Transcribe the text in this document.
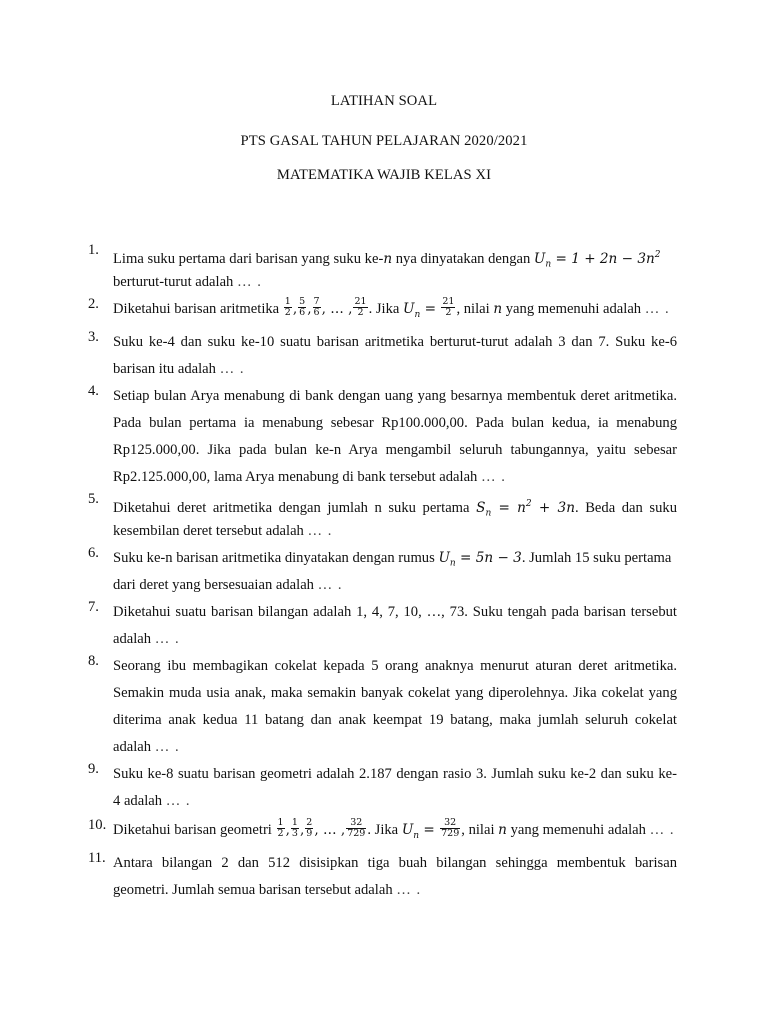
LATIHAN SOAL
PTS GASAL TAHUN PELAJARAN 2020/2021
MATEMATIKA WAJIB KELAS XI
1.
Lima suku pertama dari barisan yang suku ke-n nya dinyatakan dengan $U_n = 1 + 2n - 3n^2$
berturut-turut adalah … .
2. Diketahui barisan aritmetika $\frac{1}{2}$ , $\frac{5}{6}$ , $\frac{7}{6}$ , … , $\frac{21}{2}$ . Jika $U_n = \frac{21}{2}$ , nilai n yang memenuhi adalah … .
3. Suku ke-4 dan suku ke-10 suatu barisan aritmetika berturut-turut adalah 3 dan 7. Suku ke-6
barisan itu adalah … .
4. Setiap bulan Arya menabung di bank dengan uang yang besarnya membentuk deret aritmetika.
Pada bulan pertama ia menabung sebesar Rp100.000,00. Pada bulan kedua, ia menabung
Rp125.000,00. Jika pada bulan ke-n Arya mengambil seluruh tabungannya, yaitu sebesar
Rp2.125.000,00, lama Arya menabung di bank tersebut adalah … .
5.
Diketahui deret aritmetika dengan jumlah n suku pertama $S_n = n^2 + 3n$. Beda dan suku
kesembilan deret tersebut adalah … .
6. Suku ke-n barisan aritmetika dinyatakan dengan rumus $U_n = 5n - 3$. Jumlah 15 suku pertama
dari deret yang bersesuaian adalah … .
7. Diketahui suatu barisan bilangan adalah 1, 4, 7, 10, …, 73. Suku tengah pada barisan tersebut
adalah … .
8. Seorang ibu membagikan cokelat kepada 5 orang anaknya menurut aturan deret aritmetika.
Semakin muda usia anak, maka semakin banyak cokelat yang diperolehnya. Jika cokelat yang
diterima anak kedua 11 batang dan anak keempat 19 batang, maka jumlah seluruh cokelat
adalah … .
9. Suku ke-8 suatu barisan geometri adalah 2.187 dengan rasio 3. Jumlah suku ke-2 dan suku ke-
4 adalah … .
10. Diketahui barisan geometri $\frac{1}{2}$ , $\frac{1}{3}$ , $\frac{2}{9}$ , … , $\frac{32}{729}$ . Jika $U_n = \frac{32}{729}$ , nilai n yang memenuhi adalah … .
11. Antara bilangan 2 dan 512 disisipkan tiga buah bilangan sehingga membentuk barisan
geometri. Jumlah semua barisan tersebut adalah … .
